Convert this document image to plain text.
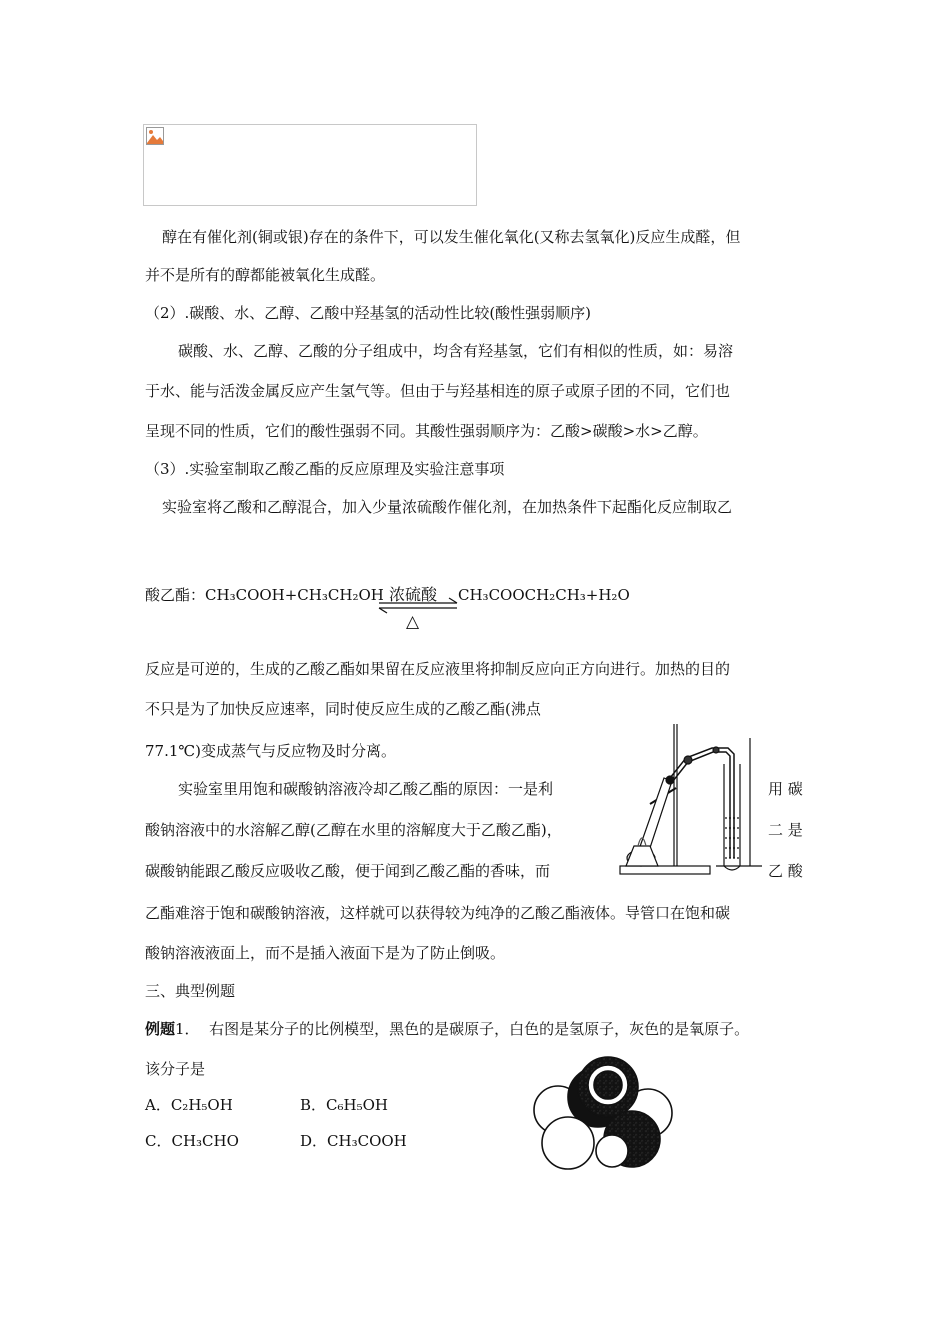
醇在有催化剂(铜或银)存在的条件下，可以发生催化氧化(又称去氢氧化)反应生成醛，但
并不是所有的醇都能被氧化生成醛。
（2）.碳酸、水、乙醇、乙酸中羟基氢的活动性比较(酸性强弱顺序)
碳酸、水、乙醇、乙酸的分子组成中，均含有羟基氢，它们有相似的性质，如：易溶
于水、能与活泼金属反应产生氢气等。但由于与羟基相连的原子或原子团的不同，它们也
呈现不同的性质，它们的酸性强弱不同。其酸性强弱顺序为：乙酸>碳酸>水>乙醇。
（3）.实验室制取乙酸乙酯的反应原理及实验注意事项
实验室将乙酸和乙醇混合，加入少量浓硫酸作催化剂，在加热条件下起酯化反应制取乙
酸乙酯：CH₃COOH+CH₃CH₂OH	CH₃COOCH₂CH₃+H₂O
浓硫酸
△
反应是可逆的，生成的乙酸乙酯如果留在反应液里将抑制反应向正方向进行。加热的目的
不只是为了加快反应速率，同时使反应生成的乙酸乙酯(沸点
77.1℃)变成蒸气与反应物及时分离。
实验室里用饱和碳酸钠溶液冷却乙酸乙酯的原因：一是利	用 碳
酸钠溶液中的水溶解乙醇(乙醇在水里的溶解度大于乙酸乙酯)，	二 是
碳酸钠能跟乙酸反应吸收乙酸，便于闻到乙酸乙酯的香味，而	乙 酸
乙酯难溶于饱和碳酸钠溶液，这样就可以获得较为纯净的乙酸乙酯液体。导管口在饱和碳
酸钠溶液液面上，而不是插入液面下是为了防止倒吸。
三、典型例题
例题1． 右图是某分子的比例模型，黑色的是碳原子，白色的是氢原子，灰色的是氧原子。
该分子是
A．C₂H₅OH	B．C₆H₅OH
C．CH₃CHO	D．CH₃COOH
